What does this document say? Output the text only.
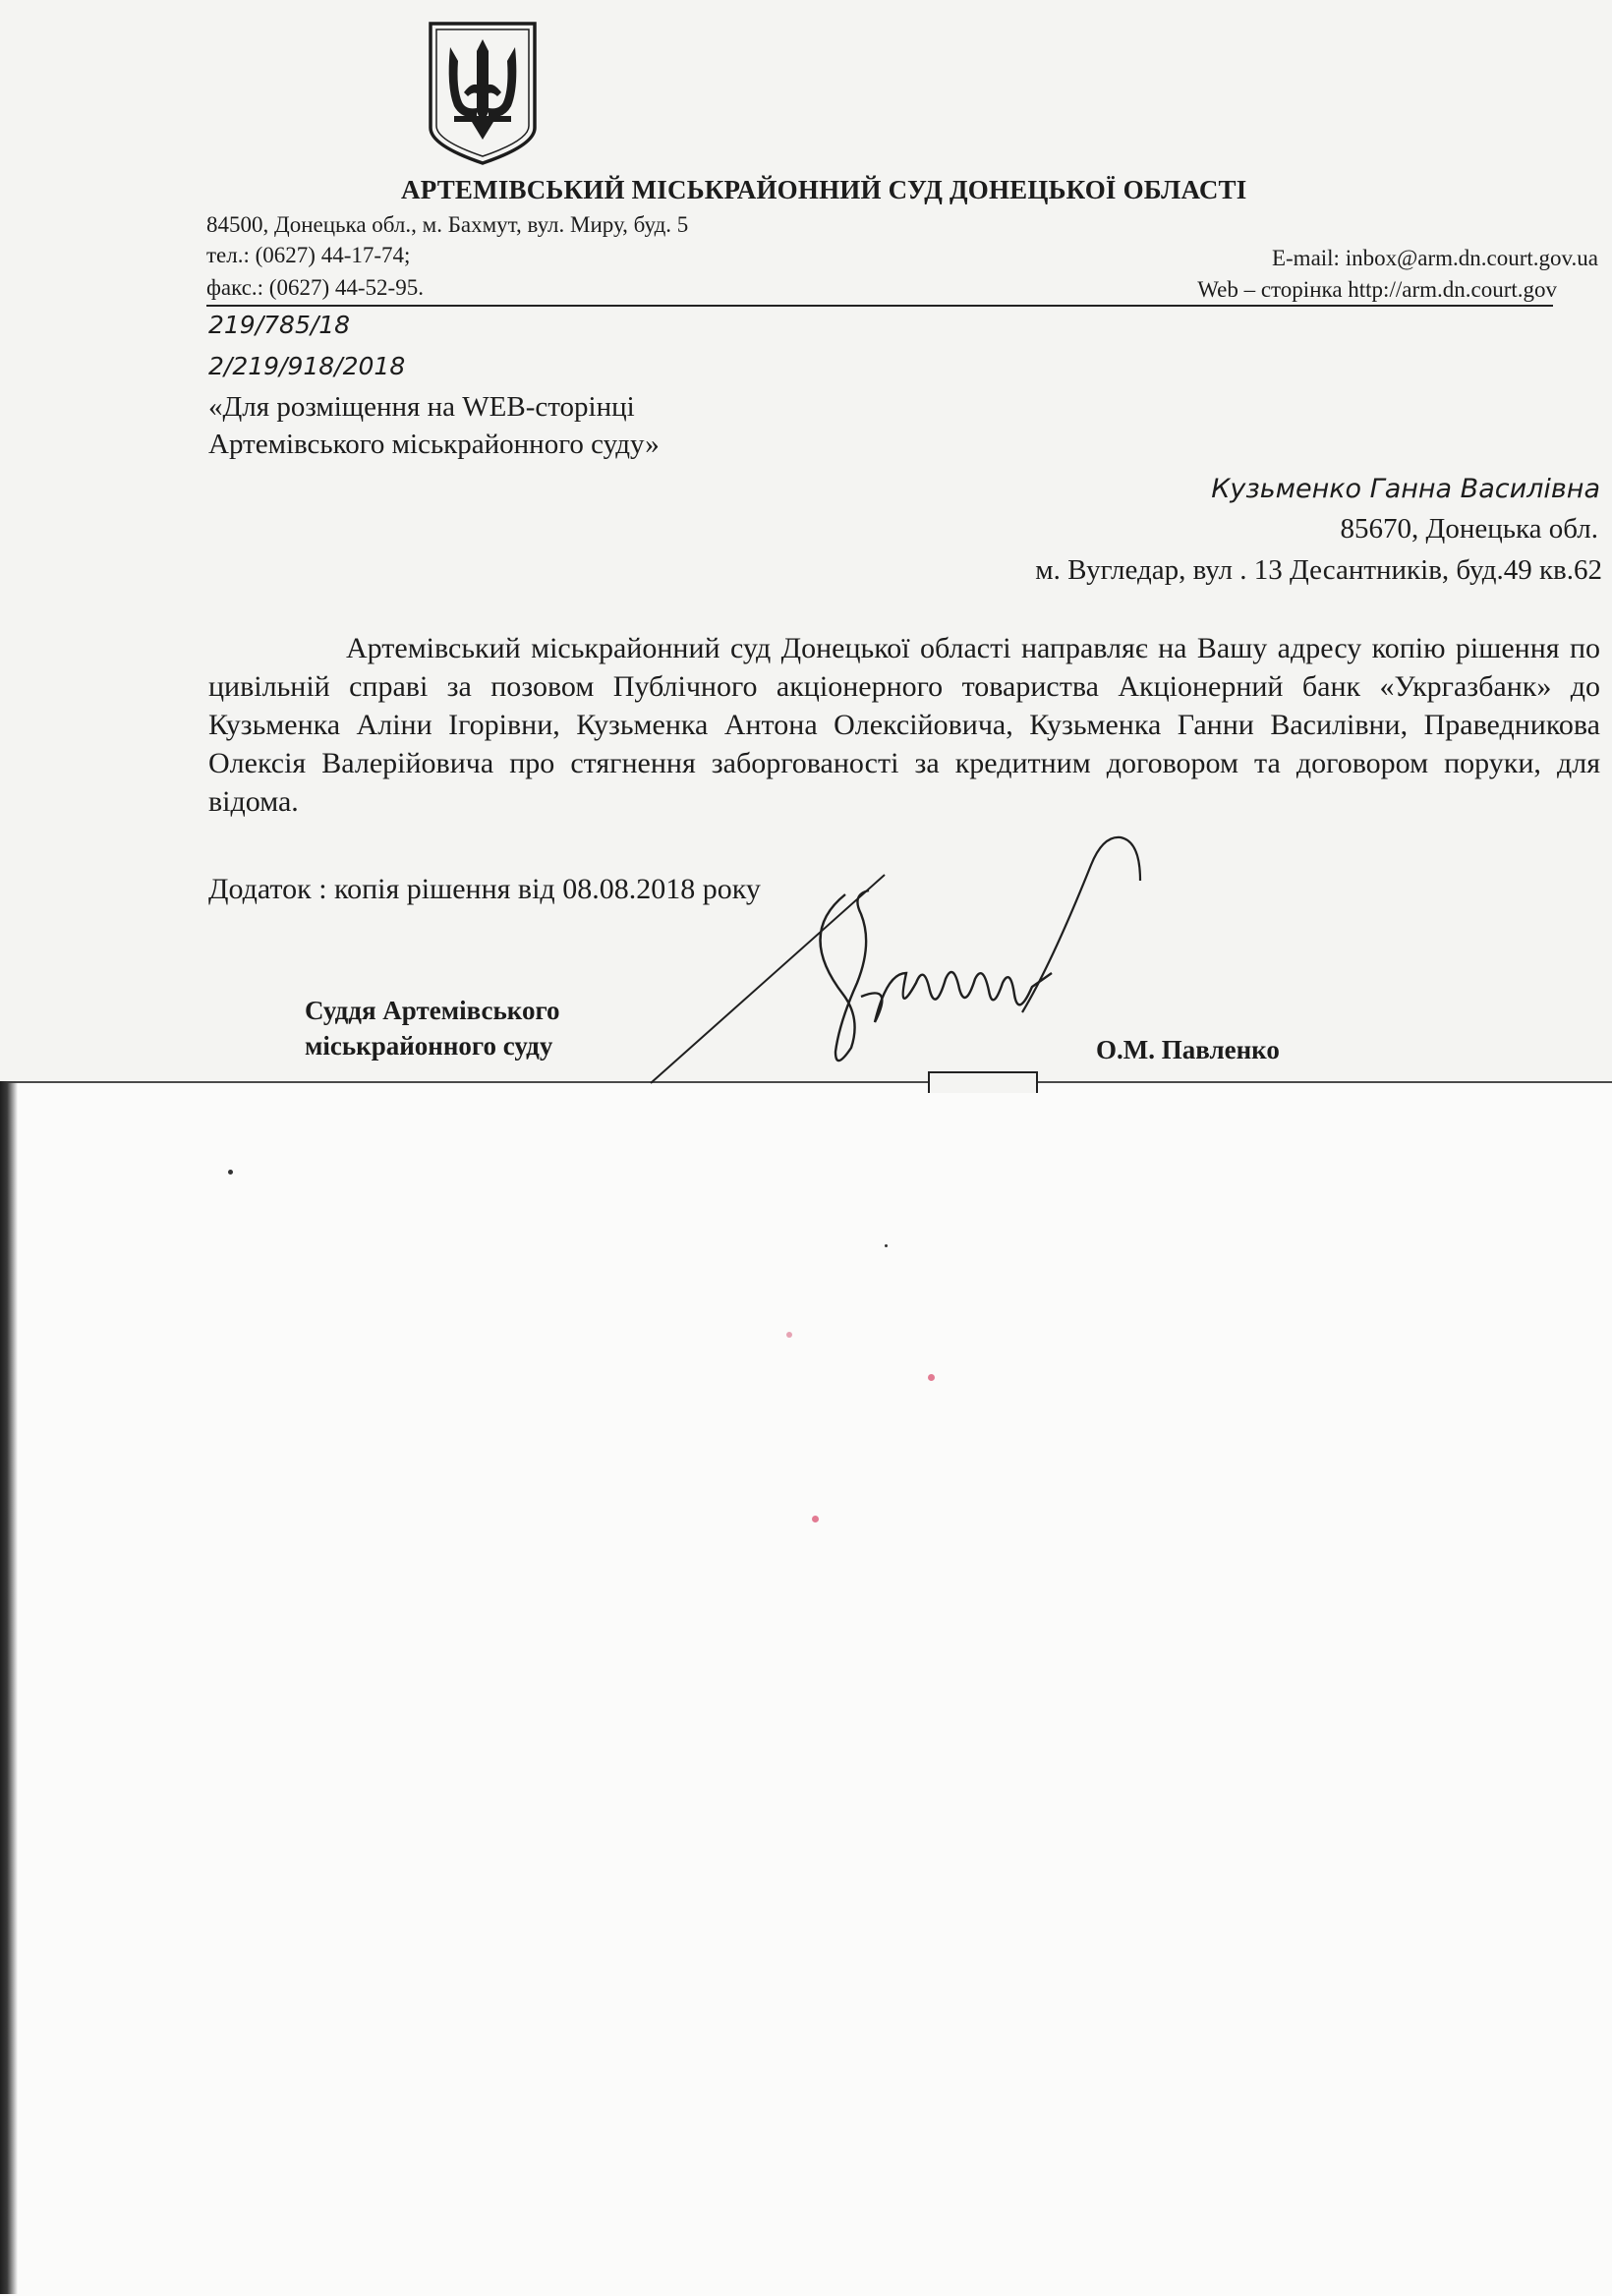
АРТЕМІВСЬКИЙ МІСЬКРАЙОННИЙ СУД ДОНЕЦЬКОЇ ОБЛАСТІ
84500, Донецька обл., м. Бахмут, вул. Миру, буд. 5
тел.: (0627) 44-17-74;
факс.: (0627) 44-52-95.
E-mail: inbox@arm.dn.court.gov.ua
Web – сторінка http://arm.dn.court.gov
219/785/18
2/219/918/2018
«Для розміщення на WEB-сторінці
Артемівського міськрайонного суду»
Кузьменко Ганна Василівна
85670, Донецька обл.
м. Вугледар, вул . 13 Десантників, буд.49 кв.62
Артемівський міськрайонний суд Донецької області направляє на Вашу адресу копію рішення по цивільній справі за позовом Публічного акціонерного товариства Акціонерний банк «Укргазбанк» до Кузьменка Аліни Ігорівни, Кузьменка Антона Олексійовича, Кузьменка Ганни Василівни, Праведникова Олексія Валерійовича про стягнення заборгованості за кредитним договором та договором поруки, для відома.
Додаток : копія рішення від 08.08.2018 року
Суддя Артемівського
міськрайонного суду	О.М. Павленко
